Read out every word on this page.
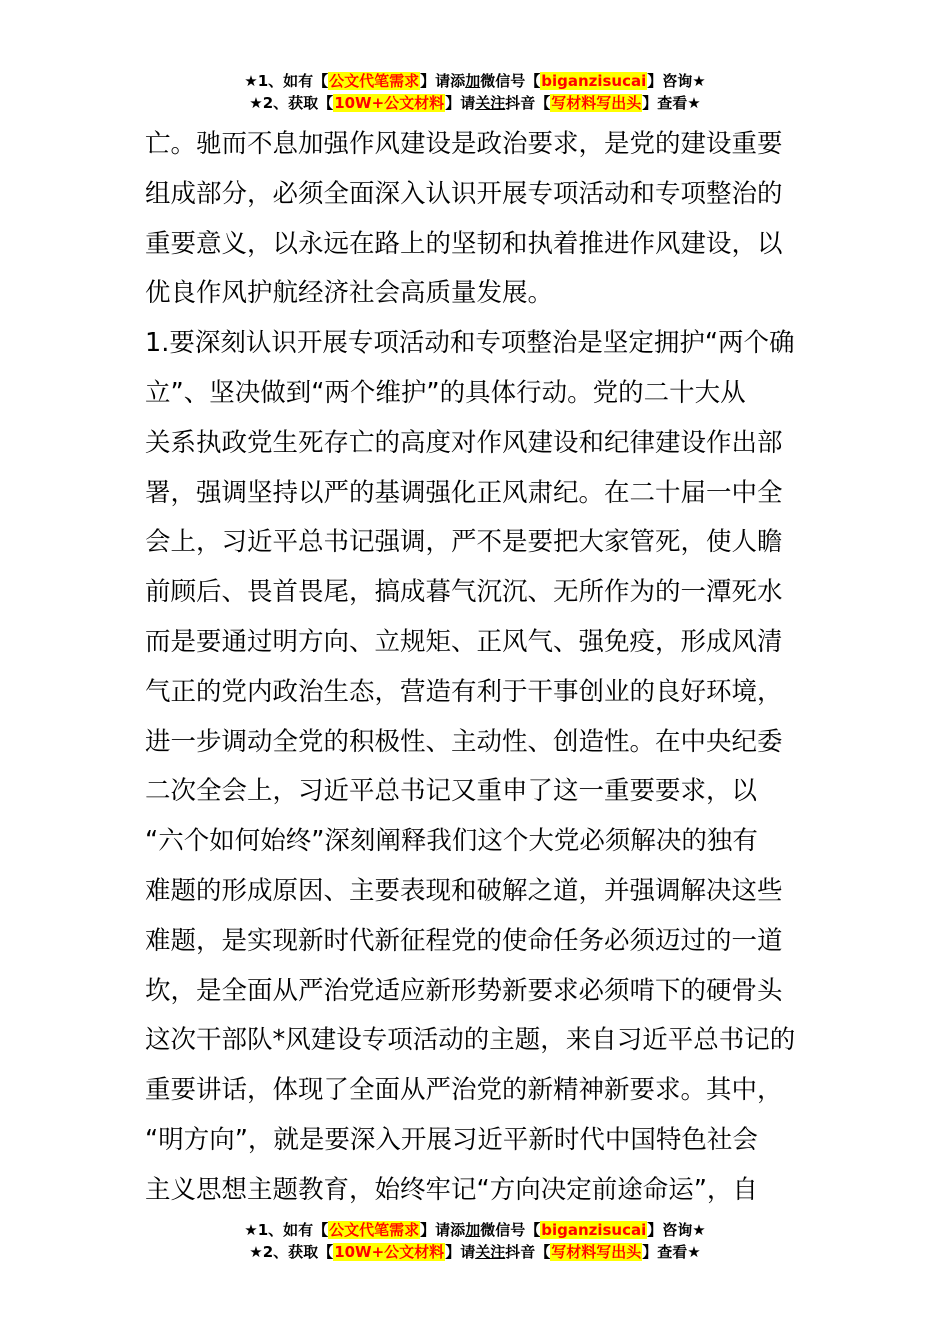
★1、如有【公文代笔需求】请添加微信号【biganzisucai】咨询★
★2、获取【10W+公文材料】请关注抖音【写材料写出头】查看★
亡。驰而不息加强作风建设是政治要求，是党的建设重要
组成部分，必须全面深入认识开展专项活动和专项整治的
重要意义，以永远在路上的坚韧和执着推进作风建设，以
优良作风护航经济社会高质量发展。
1.要深刻认识开展专项活动和专项整治是坚定拥护“两个确
立”、坚决做到“两个维护”的具体行动。党的二十大从
关系执政党生死存亡的高度对作风建设和纪律建设作出部
署，强调坚持以严的基调强化正风肃纪。在二十届一中全
会上，习近平总书记强调，严不是要把大家管死，使人瞻
前顾后、畏首畏尾，搞成暮气沉沉、无所作为的一潭死水
而是要通过明方向、立规矩、正风气、强免疫，形成风清
气正的党内政治生态，营造有利于干事创业的良好环境，
进一步调动全党的积极性、主动性、创造性。在中央纪委
二次全会上，习近平总书记又重申了这一重要要求，以
“六个如何始终”深刻阐释我们这个大党必须解决的独有
难题的形成原因、主要表现和破解之道，并强调解决这些
难题，是实现新时代新征程党的使命任务必须迈过的一道
坎，是全面从严治党适应新形势新要求必须啃下的硬骨头
这次干部队*风建设专项活动的主题，来自习近平总书记的
重要讲话，体现了全面从严治党的新精神新要求。其中，
“明方向”，就是要深入开展习近平新时代中国特色社会
主义思想主题教育，始终牢记“方向决定前途命运”，自
★1、如有【公文代笔需求】请添加微信号【biganzisucai】咨询★
★2、获取【10W+公文材料】请关注抖音【写材料写出头】查看★
